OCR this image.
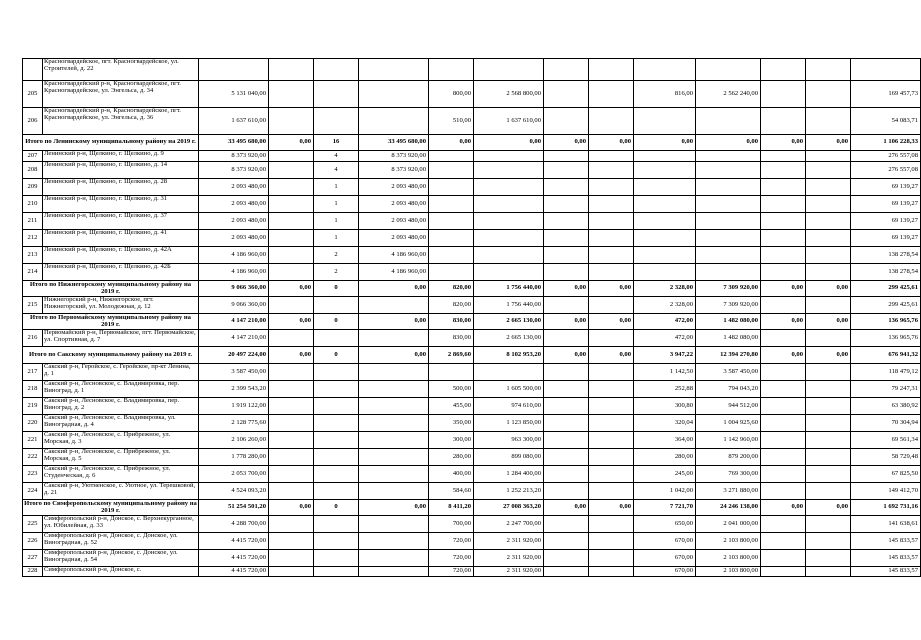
	Красногвардейское, пгт. Красногвардейское, ул. Строителей, д. 22													
205	Красногвардейский р-н, Красногвардейское, пгт. Красногвардейское, ул. Энгельса, д. 34	5 131 040,00				800,00	2 568 800,00			816,00	2 562 240,00			169 457,73
206	Красногвардейский р-н, Красногвардейское, пгт. Красногвардейское, ул. Энгельса, д. 36	1 637 610,00				510,00	1 637 610,00							54 083,71
Итого по Ленинскому муниципальному району на 2019 г.		33 495 680,00	0,00	16	33 495 680,00	0,00	0,00	0,00	0,00	0,00	0,00	0,00	0,00	1 106 228,33
207	Ленинский р-н, Щелкино, г. Щелкино, д. 9	8 373 920,00		4	8 373 920,00									276 557,08
208	Ленинский р-н, Щелкино, г. Щелкино, д. 14	8 373 920,00		4	8 373 920,00									276 557,08
209	Ленинский р-н, Щелкино, г. Щелкино, д. 28	2 093 480,00		1	2 093 480,00									69 139,27
210	Ленинский р-н, Щелкино, г. Щелкино, д. 31	2 093 480,00		1	2 093 480,00									69 139,27
211	Ленинский р-н, Щелкино, г. Щелкино, д. 37	2 093 480,00		1	2 093 480,00									69 139,27
212	Ленинский р-н, Щелкино, г. Щелкино, д. 41	2 093 480,00		1	2 093 480,00									69 139,27
213	Ленинский р-н, Щелкино, г. Щелкино, д. 42А	4 186 960,00		2	4 186 960,00									138 278,54
214	Ленинский р-н, Щелкино, г. Щелкино, д. 42Б	4 186 960,00		2	4 186 960,00									138 278,54
Итого по Нижнегорскому муниципальному району на 2019 г.		9 066 360,00	0,00	0	0,00	820,00	1 756 440,00	0,00	0,00	2 328,00	7 309 920,00	0,00	0,00	299 425,61
215	Нижнегорский р-н, Нижнегорское, пгт. Нижнегорский, ул. Молодежная, д. 12	9 066 360,00				820,00	1 756 440,00			2 328,00	7 309 920,00			299 425,61
Итого по Первомайскому муниципальному району на 2019 г.		4 147 210,00	0,00	0	0,00	830,00	2 665 130,00	0,00	0,00	472,00	1 482 080,00	0,00	0,00	136 965,76
216	Первомайский р-н, Первомайское, пгт. Первомайское, ул. Спортивная, д. 7	4 147 210,00				830,00	2 665 130,00			472,00	1 482 080,00			136 965,76
Итого по Сакскому муниципальному району на 2019 г.		20 497 224,00	0,00	0	0,00	2 869,60	8 102 953,20	0,00	0,00	3 947,22	12 394 270,80	0,00	0,00	676 941,32
217	Сакский р-н, Геройское, с. Геройское, пр-кт Ленина, д. 1	3 587 450,00								1 142,50	3 587 450,00			118 479,12
218	Сакский р-н, Лесновское, с. Владимировка, пер. Виноград, д. 1	2 399 543,20				500,00	1 605 500,00			252,88	794 043,20			79 247,31
219	Сакский р-н, Лесновское, с. Владимировка, пер. Виноград, д. 2	1 919 122,00				455,00	974 610,00			300,80	944 512,00			63 380,92
220	Сакский р-н, Лесновское, с. Владимировка, ул. Виноградная, д. 4	2 128 775,60				350,00	1 123 850,00			320,04	1 004 925,60			70 304,94
221	Сакский р-н, Лесновское, с. Прибрежное, ул. Морская, д. 3	2 106 260,00				300,00	963 300,00			364,00	1 142 960,00			69 561,34
222	Сакский р-н, Лесновское, с. Прибрежное, ул. Морская, д. 5	1 778 280,00				280,00	899 080,00			280,00	879 200,00			58 729,48
223	Сакский р-н, Лесновское, с. Прибрежное, ул. Студенческая, д. 6	2 053 700,00				400,00	1 284 400,00			245,00	769 300,00			67 825,50
224	Сакский р-н, Уютненское, с. Уютное, ул. Терешковой, д. 21	4 524 093,20				584,60	1 252 213,20			1 042,00	3 271 880,00			149 412,70
Итого по Симферопольскому муниципальному району на 2019 г.		51 254 501,20	0,00	0	0,00	8 411,20	27 008 363,20	0,00	0,00	7 721,70	24 246 138,00	0,00	0,00	1 692 731,16
225	Симферопольский р-н, Донское, с. Верхнекурганное, ул. Юбилейная, д. 33	4 288 700,00				700,00	2 247 700,00			650,00	2 041 000,00			141 638,61
226	Симферопольский р-н, Донское, с. Донское, ул. Виноградная, д. 52	4 415 720,00				720,00	2 311 920,00			670,00	2 103 800,00			145 833,57
227	Симферопольский р-н, Донское, с. Донское, ул. Виноградная, д. 54	4 415 720,00				720,00	2 311 920,00			670,00	2 103 800,00			145 833,57
228	Симферопольский р-н, Донское, с.	4 415 720,00				720,00	2 311 920,00			670,00	2 103 800,00			145 833,57
